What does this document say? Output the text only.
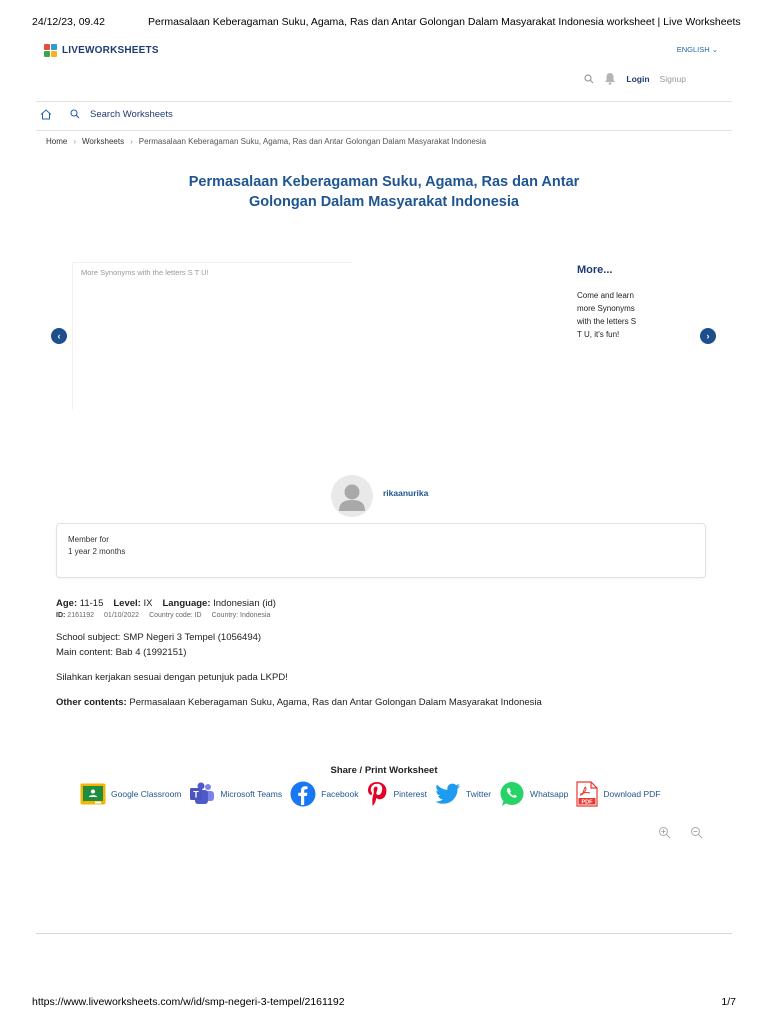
24/12/23, 09.42	Permasalaan Keberagaman Suku, Agama, Ras dan Antar Golongan Dalam Masyarakat Indonesia worksheet | Live Worksheets
LIVEWORKSHEETS	ENGLISH ⌄
Login Signup
Search Worksheets
Home › Worksheets › Permasalaan Keberagaman Suku, Agama, Ras dan Antar Golongan Dalam Masyarakat Indonesia
Permasalaan Keberagaman Suku, Agama, Ras dan Antar
Golongan Dalam Masyarakat Indonesia
‹
More Synonyms with the letters S T U!	More...
Come and learn more Synonyms with the letters S T U, it's fun!	›
rikaanurika
Member for
1 year 2 months
Age: 11-15 Level: IX Language: Indonesian (id)
ID: 2161192 01/10/2022 Country code: ID Country: Indonesia
School subject: SMP Negeri 3 Tempel (1056494)
Main content: Bab 4 (1992151)
Silahkan kerjakan sesuai dengan petunjuk pada LKPD!
Other contents: Permasalaan Keberagaman Suku, Agama, Ras dan Antar Golongan Dalam Masyarakat Indonesia
Share / Print Worksheet
Google Classroom T	Microsoft Teams	Facebook	Pinterest	Twitter	Whatsapp
PDF
Download PDF
https://www.liveworksheets.com/w/id/smp-negeri-3-tempel/2161192	1/7
